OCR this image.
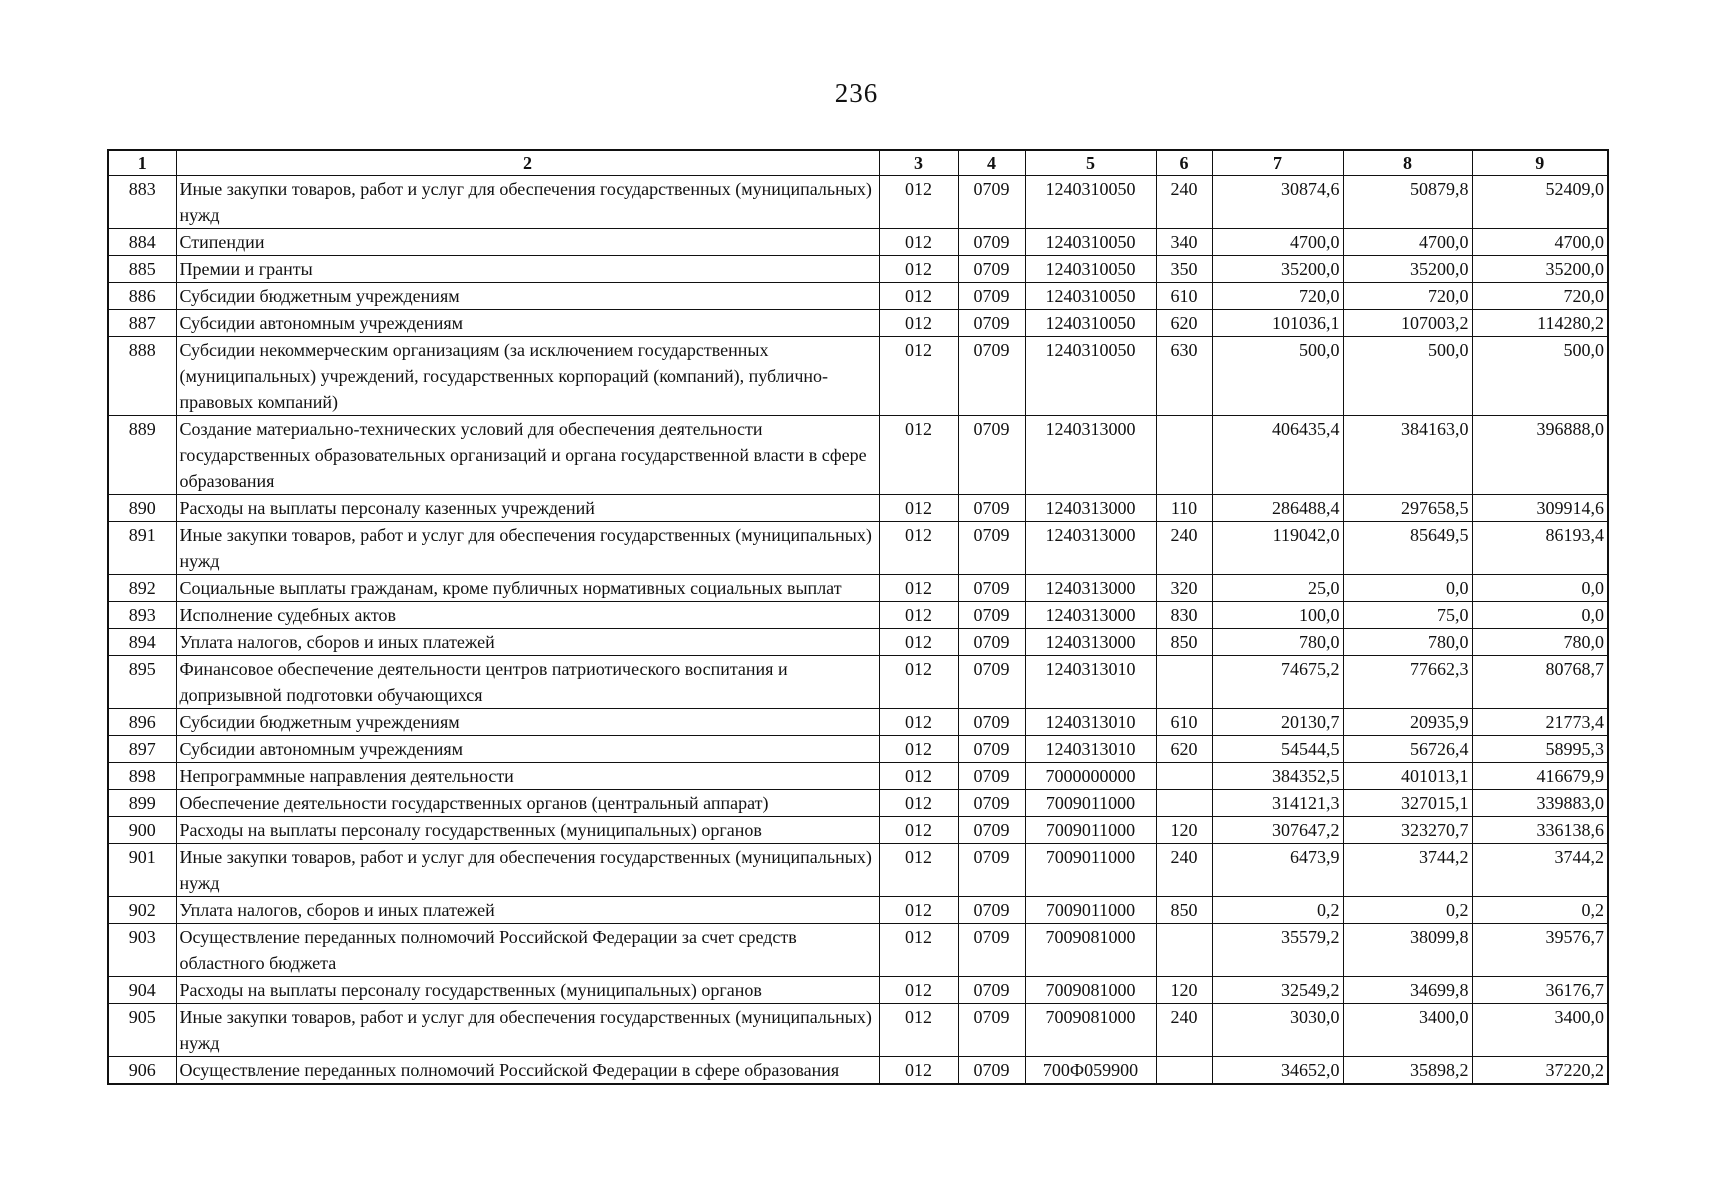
236
1	2	3	4	5	6	7	8	9
883	Иные закупки товаров, работ и услуг для обеспечения государственных (муниципальных) нужд	012	0709	1240310050	240	30874,6	50879,8	52409,0
884	Стипендии	012	0709	1240310050	340	4700,0	4700,0	4700,0
885	Премии и гранты	012	0709	1240310050	350	35200,0	35200,0	35200,0
886	Субсидии бюджетным учреждениям	012	0709	1240310050	610	720,0	720,0	720,0
887	Субсидии автономным учреждениям	012	0709	1240310050	620	101036,1	107003,2	114280,2
888	Субсидии некоммерческим организациям (за исключением государственных (муниципальных) учреждений, государственных корпораций (компаний), публично-правовых компаний)	012	0709	1240310050	630	500,0	500,0	500,0
889	Создание материально-технических условий для обеспечения деятельности государственных образовательных организаций и органа государственной власти в сфере образования	012	0709	1240313000		406435,4	384163,0	396888,0
890	Расходы на выплаты персоналу казенных учреждений	012	0709	1240313000	110	286488,4	297658,5	309914,6
891	Иные закупки товаров, работ и услуг для обеспечения государственных (муниципальных) нужд	012	0709	1240313000	240	119042,0	85649,5	86193,4
892	Социальные выплаты гражданам, кроме публичных нормативных социальных выплат	012	0709	1240313000	320	25,0	0,0	0,0
893	Исполнение судебных актов	012	0709	1240313000	830	100,0	75,0	0,0
894	Уплата налогов, сборов и иных платежей	012	0709	1240313000	850	780,0	780,0	780,0
895	Финансовое обеспечение деятельности центров патриотического воспитания и допризывной подготовки обучающихся	012	0709	1240313010		74675,2	77662,3	80768,7
896	Субсидии бюджетным учреждениям	012	0709	1240313010	610	20130,7	20935,9	21773,4
897	Субсидии автономным учреждениям	012	0709	1240313010	620	54544,5	56726,4	58995,3
898	Непрограммные направления деятельности	012	0709	7000000000		384352,5	401013,1	416679,9
899	Обеспечение деятельности государственных органов (центральный аппарат)	012	0709	7009011000		314121,3	327015,1	339883,0
900	Расходы на выплаты персоналу государственных (муниципальных) органов	012	0709	7009011000	120	307647,2	323270,7	336138,6
901	Иные закупки товаров, работ и услуг для обеспечения государственных (муниципальных) нужд	012	0709	7009011000	240	6473,9	3744,2	3744,2
902	Уплата налогов, сборов и иных платежей	012	0709	7009011000	850	0,2	0,2	0,2
903	Осуществление переданных полномочий Российской Федерации за счет средств областного бюджета	012	0709	7009081000		35579,2	38099,8	39576,7
904	Расходы на выплаты персоналу государственных (муниципальных) органов	012	0709	7009081000	120	32549,2	34699,8	36176,7
905	Иные закупки товаров, работ и услуг для обеспечения государственных (муниципальных) нужд	012	0709	7009081000	240	3030,0	3400,0	3400,0
906	Осуществление переданных полномочий Российской Федерации в сфере образования	012	0709	700Ф059900		34652,0	35898,2	37220,2
